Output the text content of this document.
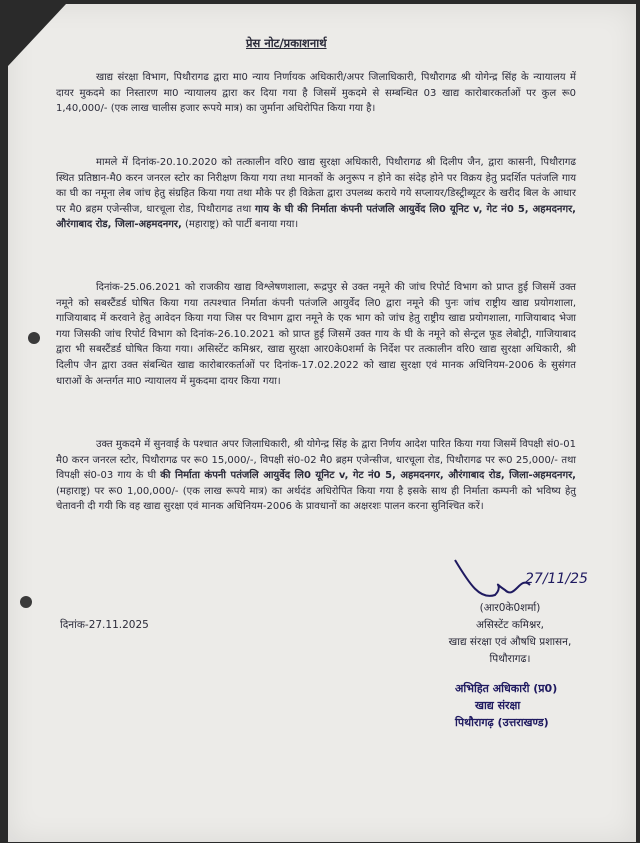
प्रेस नोट/प्रकाशनार्थ

खाद्य संरक्षा विभाग, पिथौरागढ द्वारा मा0 न्याय निर्णायक अधिकारी/अपर जिलाधिकारी, पिथौरागढ श्री योगेन्द्र सिंह के न्यायालय में दायर मुकदमे का निस्तारण मा0 न्यायालय द्वारा कर दिया गया है जिसमें मुकदमे से सम्बन्धित 03 खाद्य कारोबारकर्ताओं पर कुल रू0 1,40,000/- (एक लाख चालीस हजार रूपये मात्र) का जुर्माना अधिरोपित किया गया है।

मामले में दिनांक-20.10.2020 को तत्कालीन वरि0 खाद्य सुरक्षा अधिकारी, पिथौरागढ श्री दिलीप जैन, द्वारा कासनी, पिथौरागढ स्थित प्रतिष्ठान-मै0 करन जनरल स्टोर का निरीक्षण किया गया तथा मानकों के अनुरूप न होने का संदेह होने पर विक्रय हेतु प्रदर्शित पतंजलि गाय का घी का नमूना लेब जांच हेतु संग्रहित किया गया तथा मौके पर ही विक्रेता द्वारा उपलब्ध कराये गये सप्लायर/डिस्ट्रीब्यूटर के खरीद बिल के आधार पर मै0 ब्रहम एजेन्सीज, धारचूला रोड, पिथौरागढ तथा गाय के घी की निर्माता कंपनी पतंजलि आयुर्वेद लि0 यूनिट v, गेट नं0 5, अहमदनगर, औरंगाबाद रोड, जिला-अहमदनगर, (महाराष्ट्र) को पार्टी बनाया गया।

दिनांक-25.06.2021 को राजकीय खाद्य विश्लेषणशाला, रूद्रपुर से उक्त नमूने की जांच रिपोर्ट विभाग को प्राप्त हुई जिसमें उक्त नमूने को सबस्टैंडर्ड घोषित किया गया तत्पश्चात निर्माता कंपनी पतंजलि आयुर्वेद लि0 द्वारा नमूने की पुनः जांच राष्ट्रीय खाद्य प्रयोगशाला, गाजियाबाद में करवाने हेतु आवेदन किया गया जिस पर विभाग द्वारा नमूने के एक भाग को जांच हेतु राष्ट्रीय खाद्य प्रयोगशाला, गाजियाबाद भेजा गया जिसकी जांच रिपोर्ट विभाग को दिनांक-26.10.2021 को प्राप्त हुई जिसमें उक्त गाय के घी के नमूने को सेन्ट्रल फूड लेबोट्री, गाजियाबाद द्वारा भी सबस्टैंडर्ड घोषित किया गया। असिस्टेंट कमिश्नर, खाद्य सुरक्षा आर0के0शर्मा के निर्देश पर तत्कालीन वरि0 खाद्य सुरक्षा अधिकारी, श्री दिलीप जैन द्वारा उक्त संबन्धित खाद्य कारोबारकर्ताओं पर दिनांक-17.02.2022 को खाद्य सुरक्षा एवं मानक अधिनियम-2006 के सुसंगत धाराओं के अन्तर्गत मा0 न्यायालय में मुकदमा दायर किया गया।

उक्त मुकदमे में सुनवाई के पश्चात अपर जिलाधिकारी, श्री योगेन्द्र सिंह के द्वारा निर्णय आदेश पारित किया गया जिसमें विपक्षी सं0-01 मै0 करन जनरल स्टोर, पिथौरागढ पर रू0 15,000/-, विपक्षी सं0-02 मै0 ब्रहम एजेन्सीज, धारचूला रोड, पिथौरागढ पर रू0 25,000/- तथा विपक्षी सं0-03 गाय के घी की निर्माता कंपनी पतंजलि आयुर्वेद लि0 यूनिट v, गेट नं0 5, अहमदनगर, औरंगाबाद रोड, जिला-अहमदनगर, (महाराष्ट्र) पर रू0 1,00,000/- (एक लाख रूपये मात्र) का अर्थदंड अधिरोपित किया गया है इसके साथ ही निर्माता कम्पनी को भविष्य हेतु चेतावनी दी गयी कि वह खाद्य सुरक्षा एवं मानक अधिनियम-2006 के प्रावधानों का अक्षरशः पालन करना सुनिश्चित करें।

27/11/25

दिनांक-27.11.2025

(आर0के0शर्मा)
असिस्टेंट कमिश्नर,
खाद्य संरक्षा एवं औषधि प्रशासन,
पिथौरागढ।
अभिहित अधिकारी (प्र0)
खाद्य संरक्षा
पिथौरागढ़ (उत्तराखण्ड)
